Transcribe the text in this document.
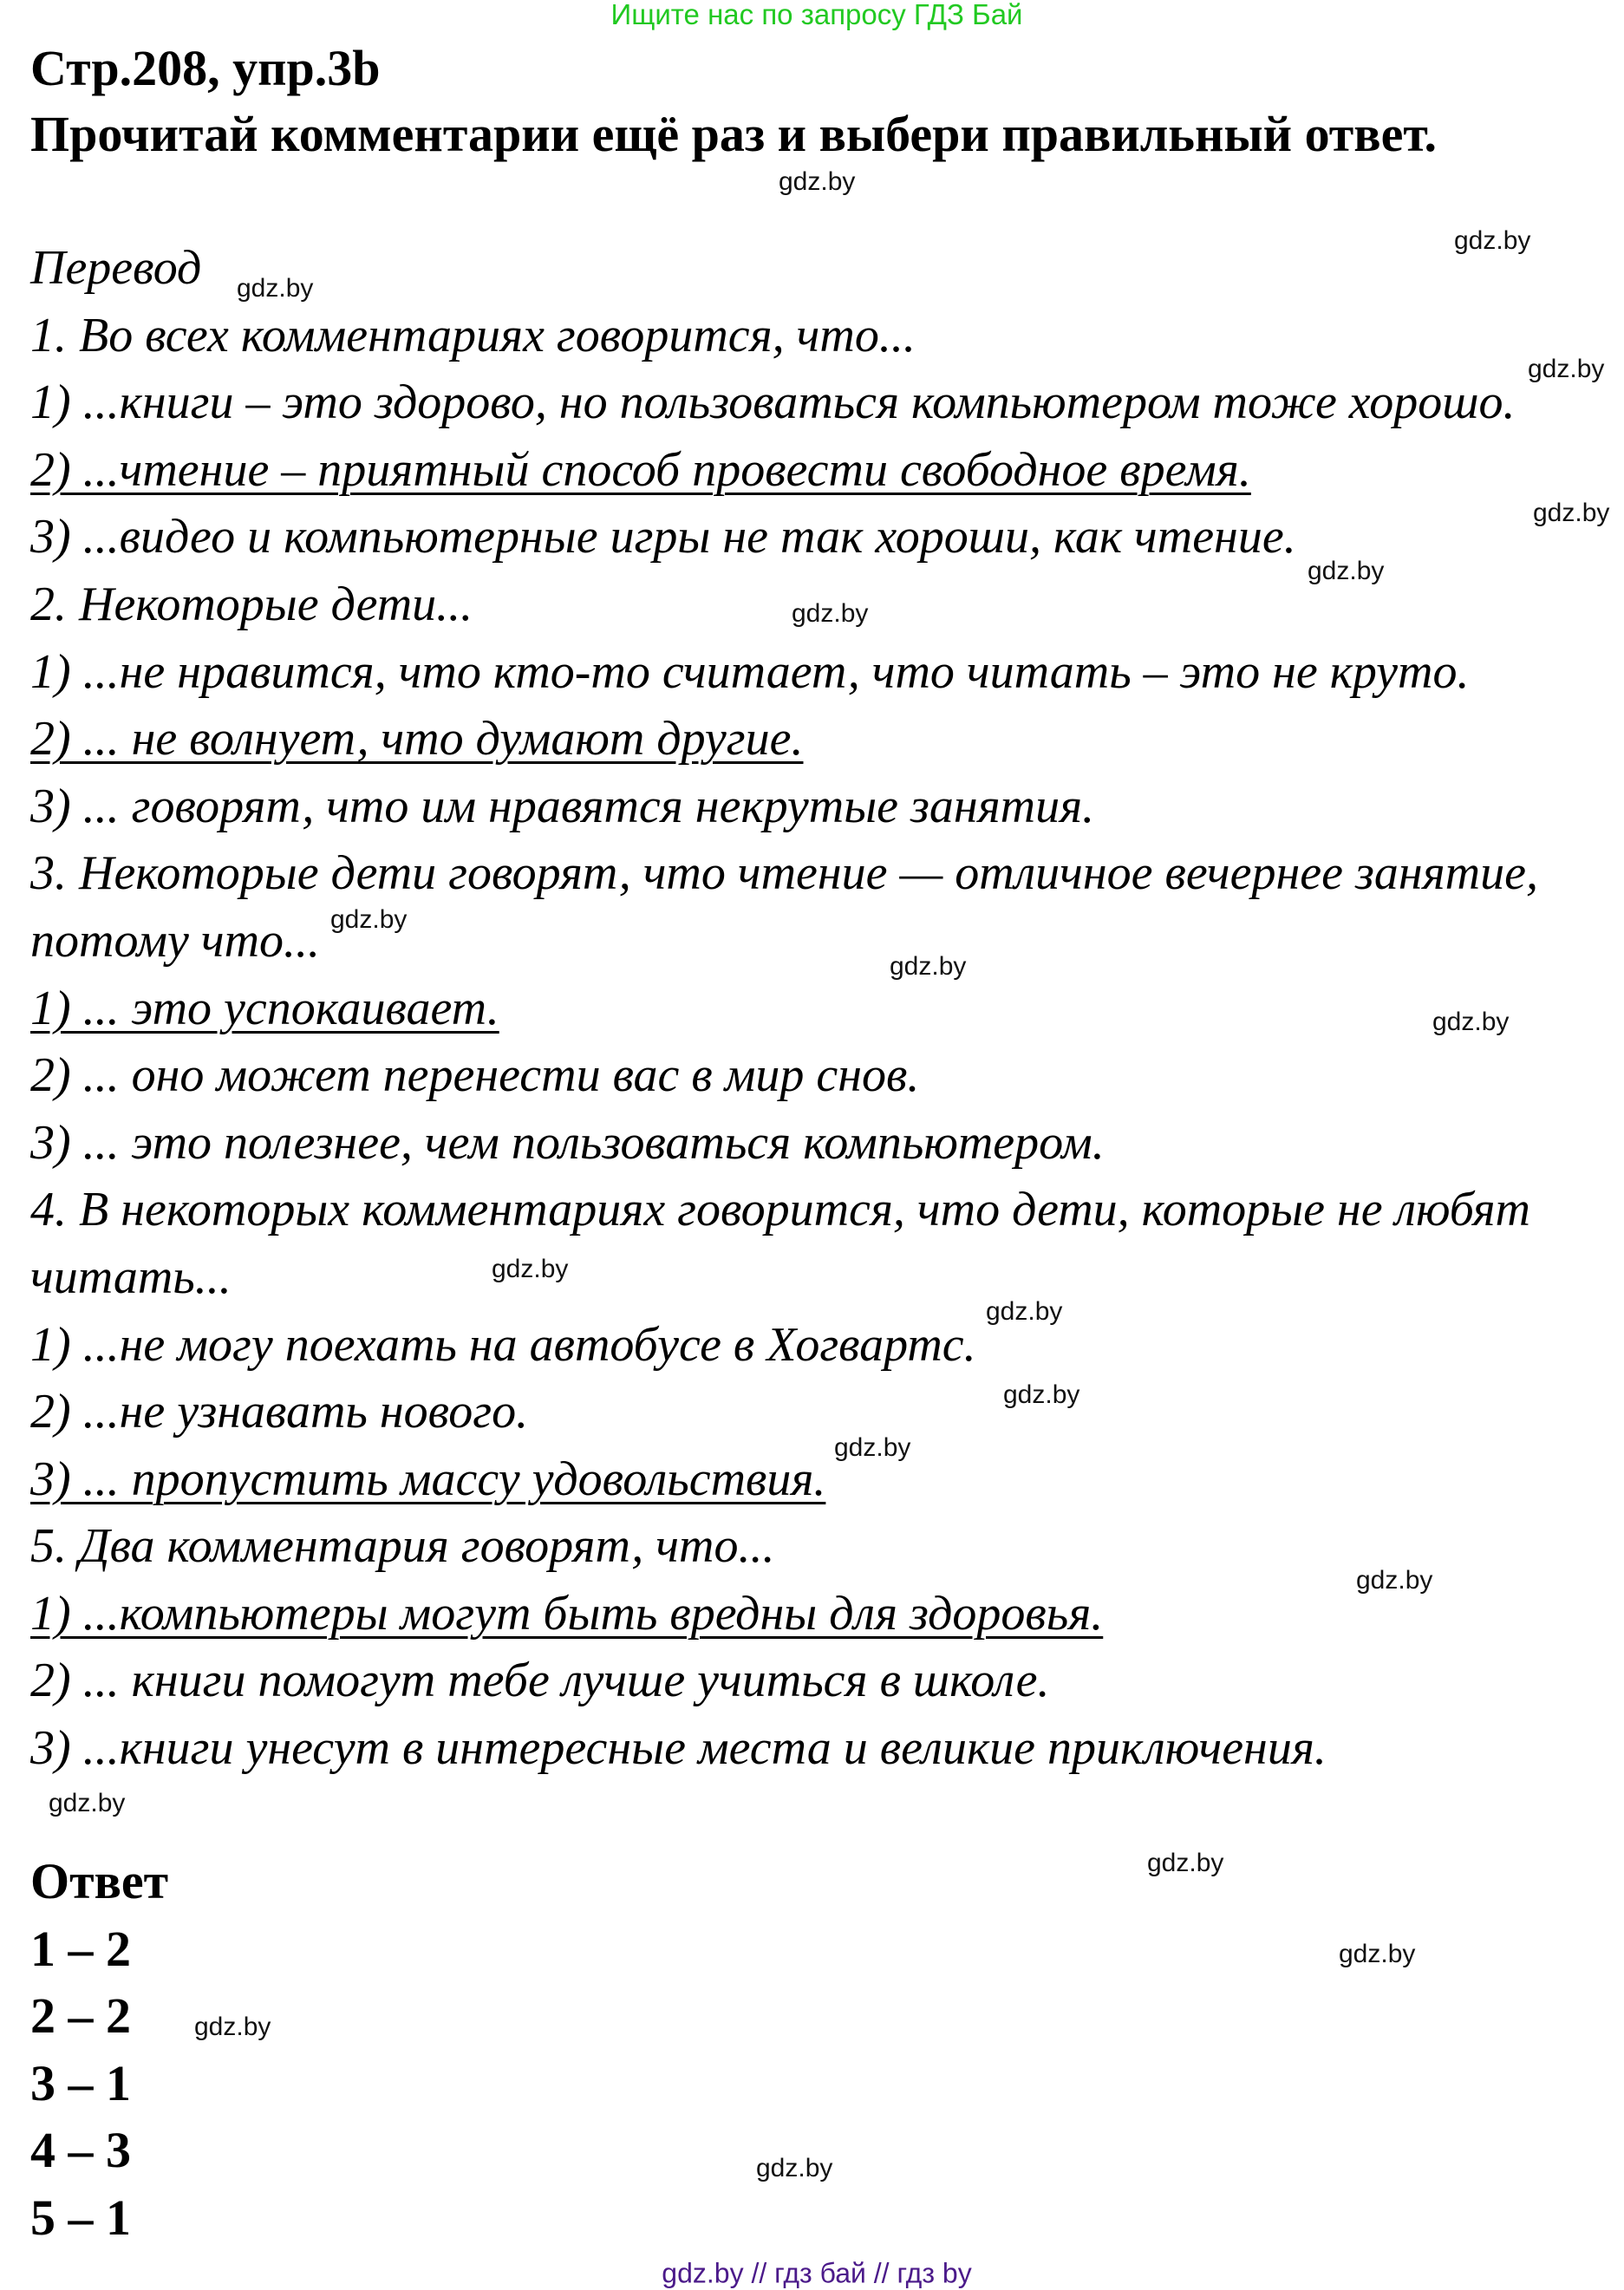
Ищите нас по запросу ГДЗ Бай
Стр.208, упр.3b
Прочитай комментарии ещё раз и выбери правильный ответ.
Перевод
1. Во всех комментариях говорится, что...
1) ...книги – это здорово, но пользоваться компьютером тоже хорошо.
2) ...чтение – приятный способ провести свободное время.
3) ...видео и компьютерные игры не так хороши, как чтение.
2. Некоторые дети...
1) ...не нравится, что кто-то считает, что читать – это не круто.
2) ... не волнует, что думают другие.
3) ... говорят, что им нравятся некрутые занятия.
3. Некоторые дети говорят, что чтение — отличное вечернее занятие,
потому что...
1) ... это успокаивает.
2) ... оно может перенести вас в мир снов.
3) ... это полезнее, чем пользоваться компьютером.
4. В некоторых комментариях говорится, что дети, которые не любят
читать...
1) ...не могу поехать на автобусе в Хогвартс.
2) ...не узнавать нового.
3) ... пропустить массу удовольствия.
5. Два комментария говорят, что...
1) ...компьютеры могут быть вредны для здоровья.
2) ... книги помогут тебе лучше учиться в школе.
3) ...книги унесут в интересные места и великие приключения.
Ответ
1 – 2
2 – 2
3 – 1
4 – 3
5 – 1
gdz.by
gdz.by
gdz.by
gdz.by
gdz.by
gdz.by
gdz.by
gdz.by
gdz.by
gdz.by
gdz.by
gdz.by
gdz.by
gdz.by
gdz.by
gdz.by
gdz.by
gdz.by
gdz.by
gdz.by
gdz.by // гдз бай // гдз by
